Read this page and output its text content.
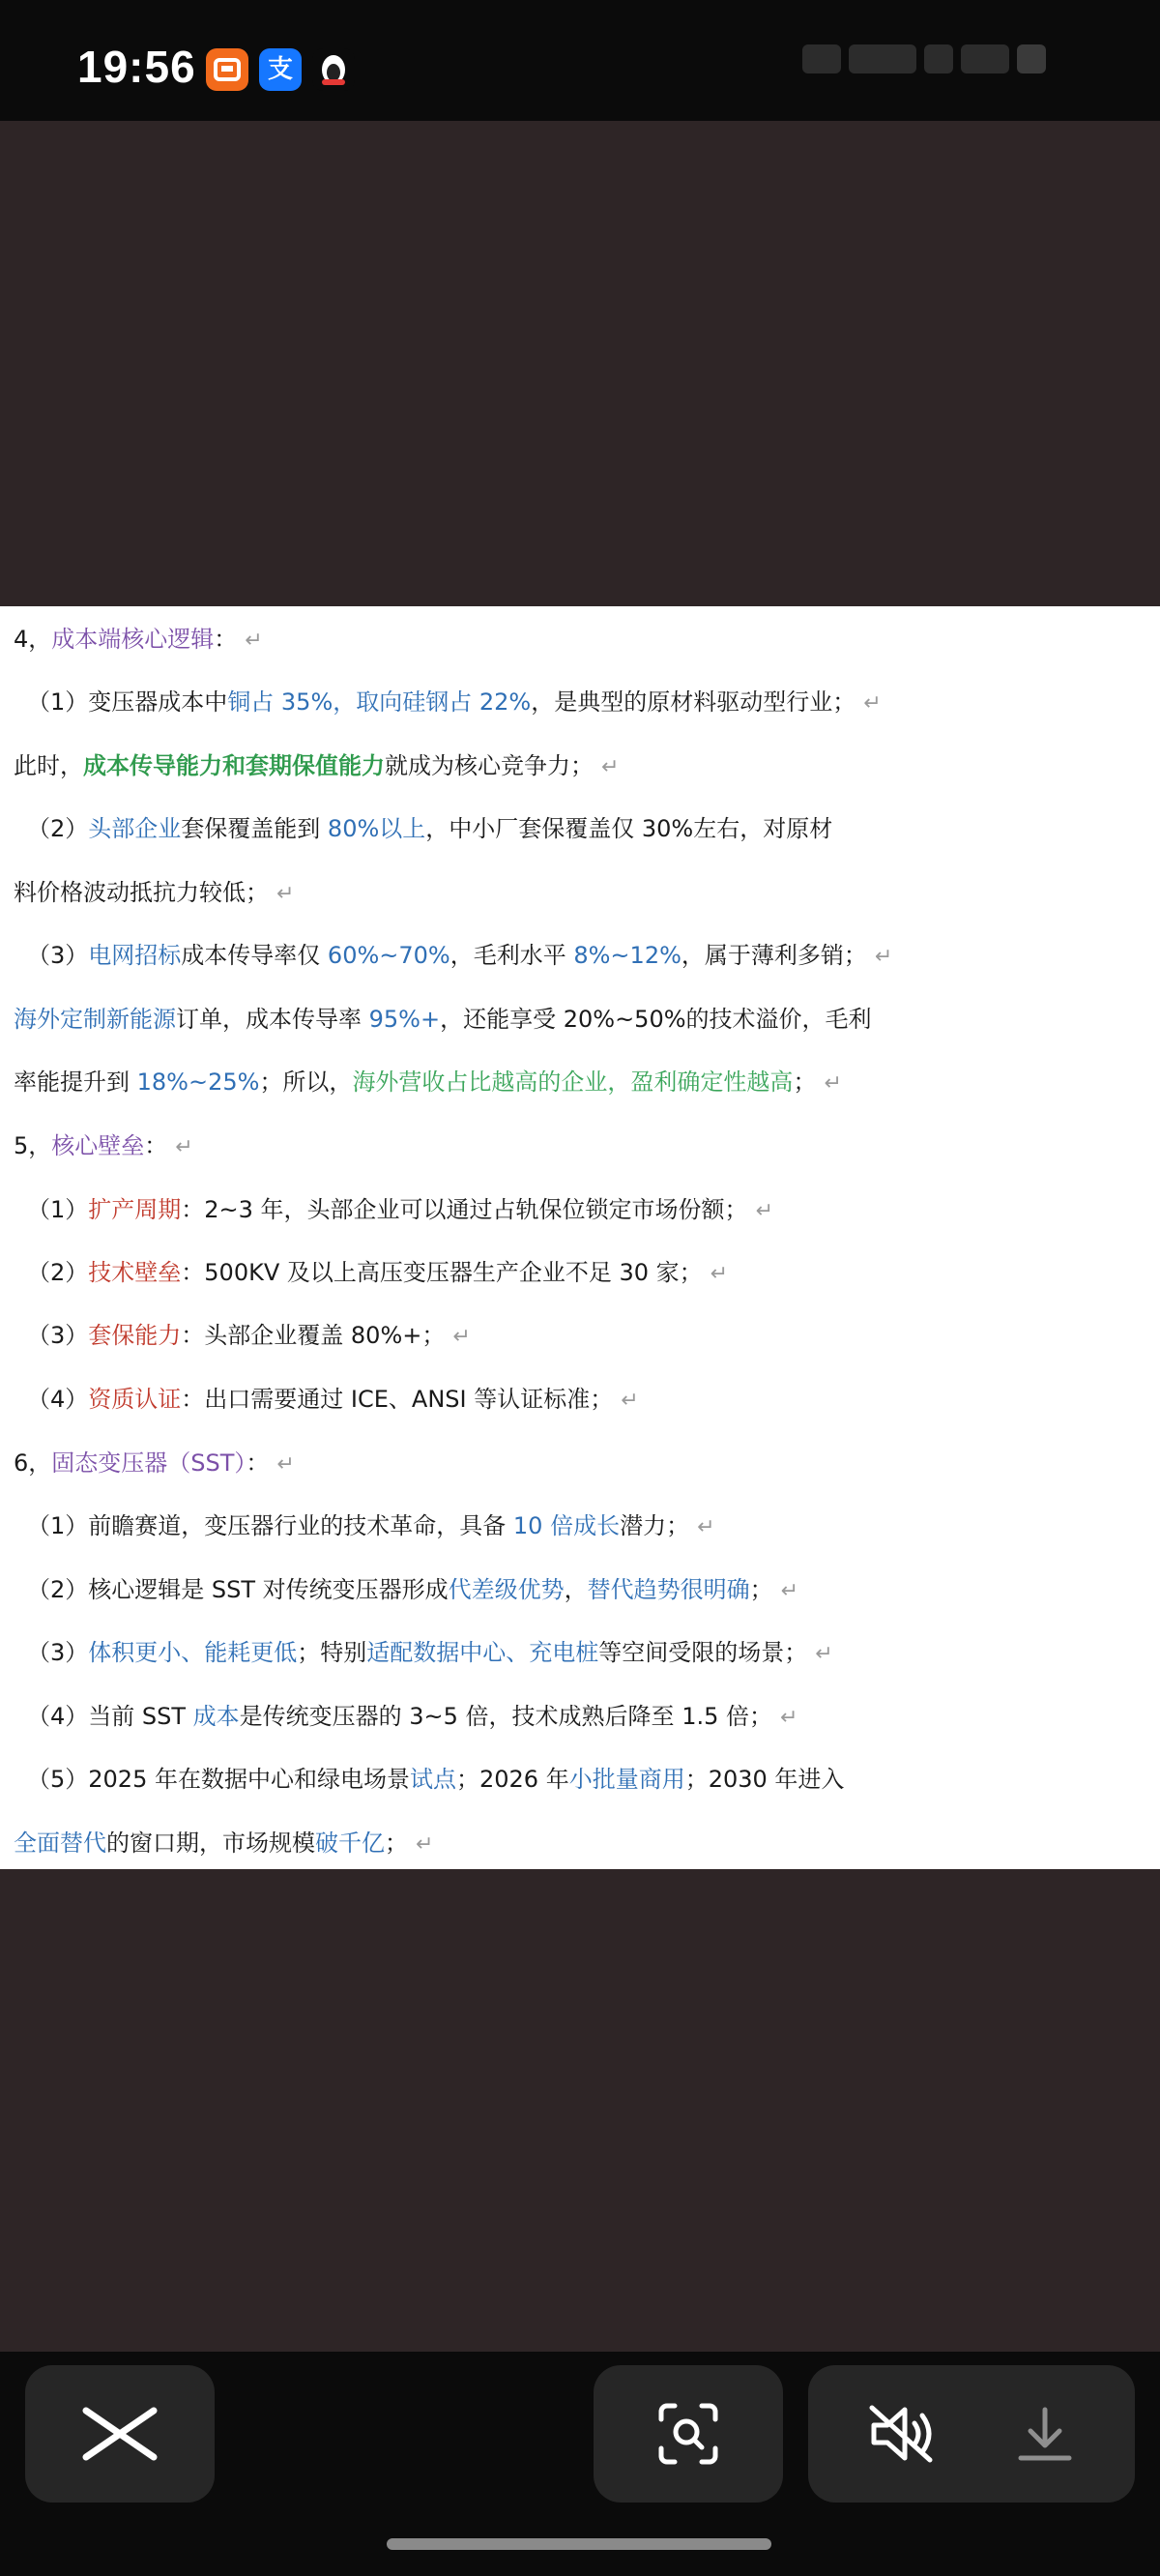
19:56	支
4，成本端核心逻辑： ↵
（1）变压器成本中铜占 35%，取向硅钢占 22%，是典型的原材料驱动型行业； ↵
此时，成本传导能力和套期保值能力就成为核心竞争力； ↵
（2）头部企业套保覆盖能到 80%以上，中小厂套保覆盖仅 30%左右，对原材
料价格波动抵抗力较低； ↵
（3）电网招标成本传导率仅 60%~70%，毛利水平 8%~12%，属于薄利多销； ↵
海外定制新能源订单，成本传导率 95%+，还能享受 20%~50%的技术溢价，毛利
率能提升到 18%~25%；所以，海外营收占比越高的企业，盈利确定性越高； ↵
5，核心壁垒： ↵
（1）扩产周期：2~3 年，头部企业可以通过占轨保位锁定市场份额； ↵
（2）技术壁垒：500KV 及以上高压变压器生产企业不足 30 家； ↵
（3）套保能力：头部企业覆盖 80%+； ↵
（4）资质认证：出口需要通过 ICE、ANSI 等认证标准； ↵
6，固态变压器（SST）： ↵
（1）前瞻赛道，变压器行业的技术革命，具备 10 倍成长潜力； ↵
（2）核心逻辑是 SST 对传统变压器形成代差级优势，替代趋势很明确； ↵
（3）体积更小、能耗更低；特别适配数据中心、充电桩等空间受限的场景； ↵
（4）当前 SST 成本是传统变压器的 3~5 倍，技术成熟后降至 1.5 倍； ↵
（5）2025 年在数据中心和绿电场景试点；2026 年小批量商用；2030 年进入
全面替代的窗口期，市场规模破千亿； ↵
